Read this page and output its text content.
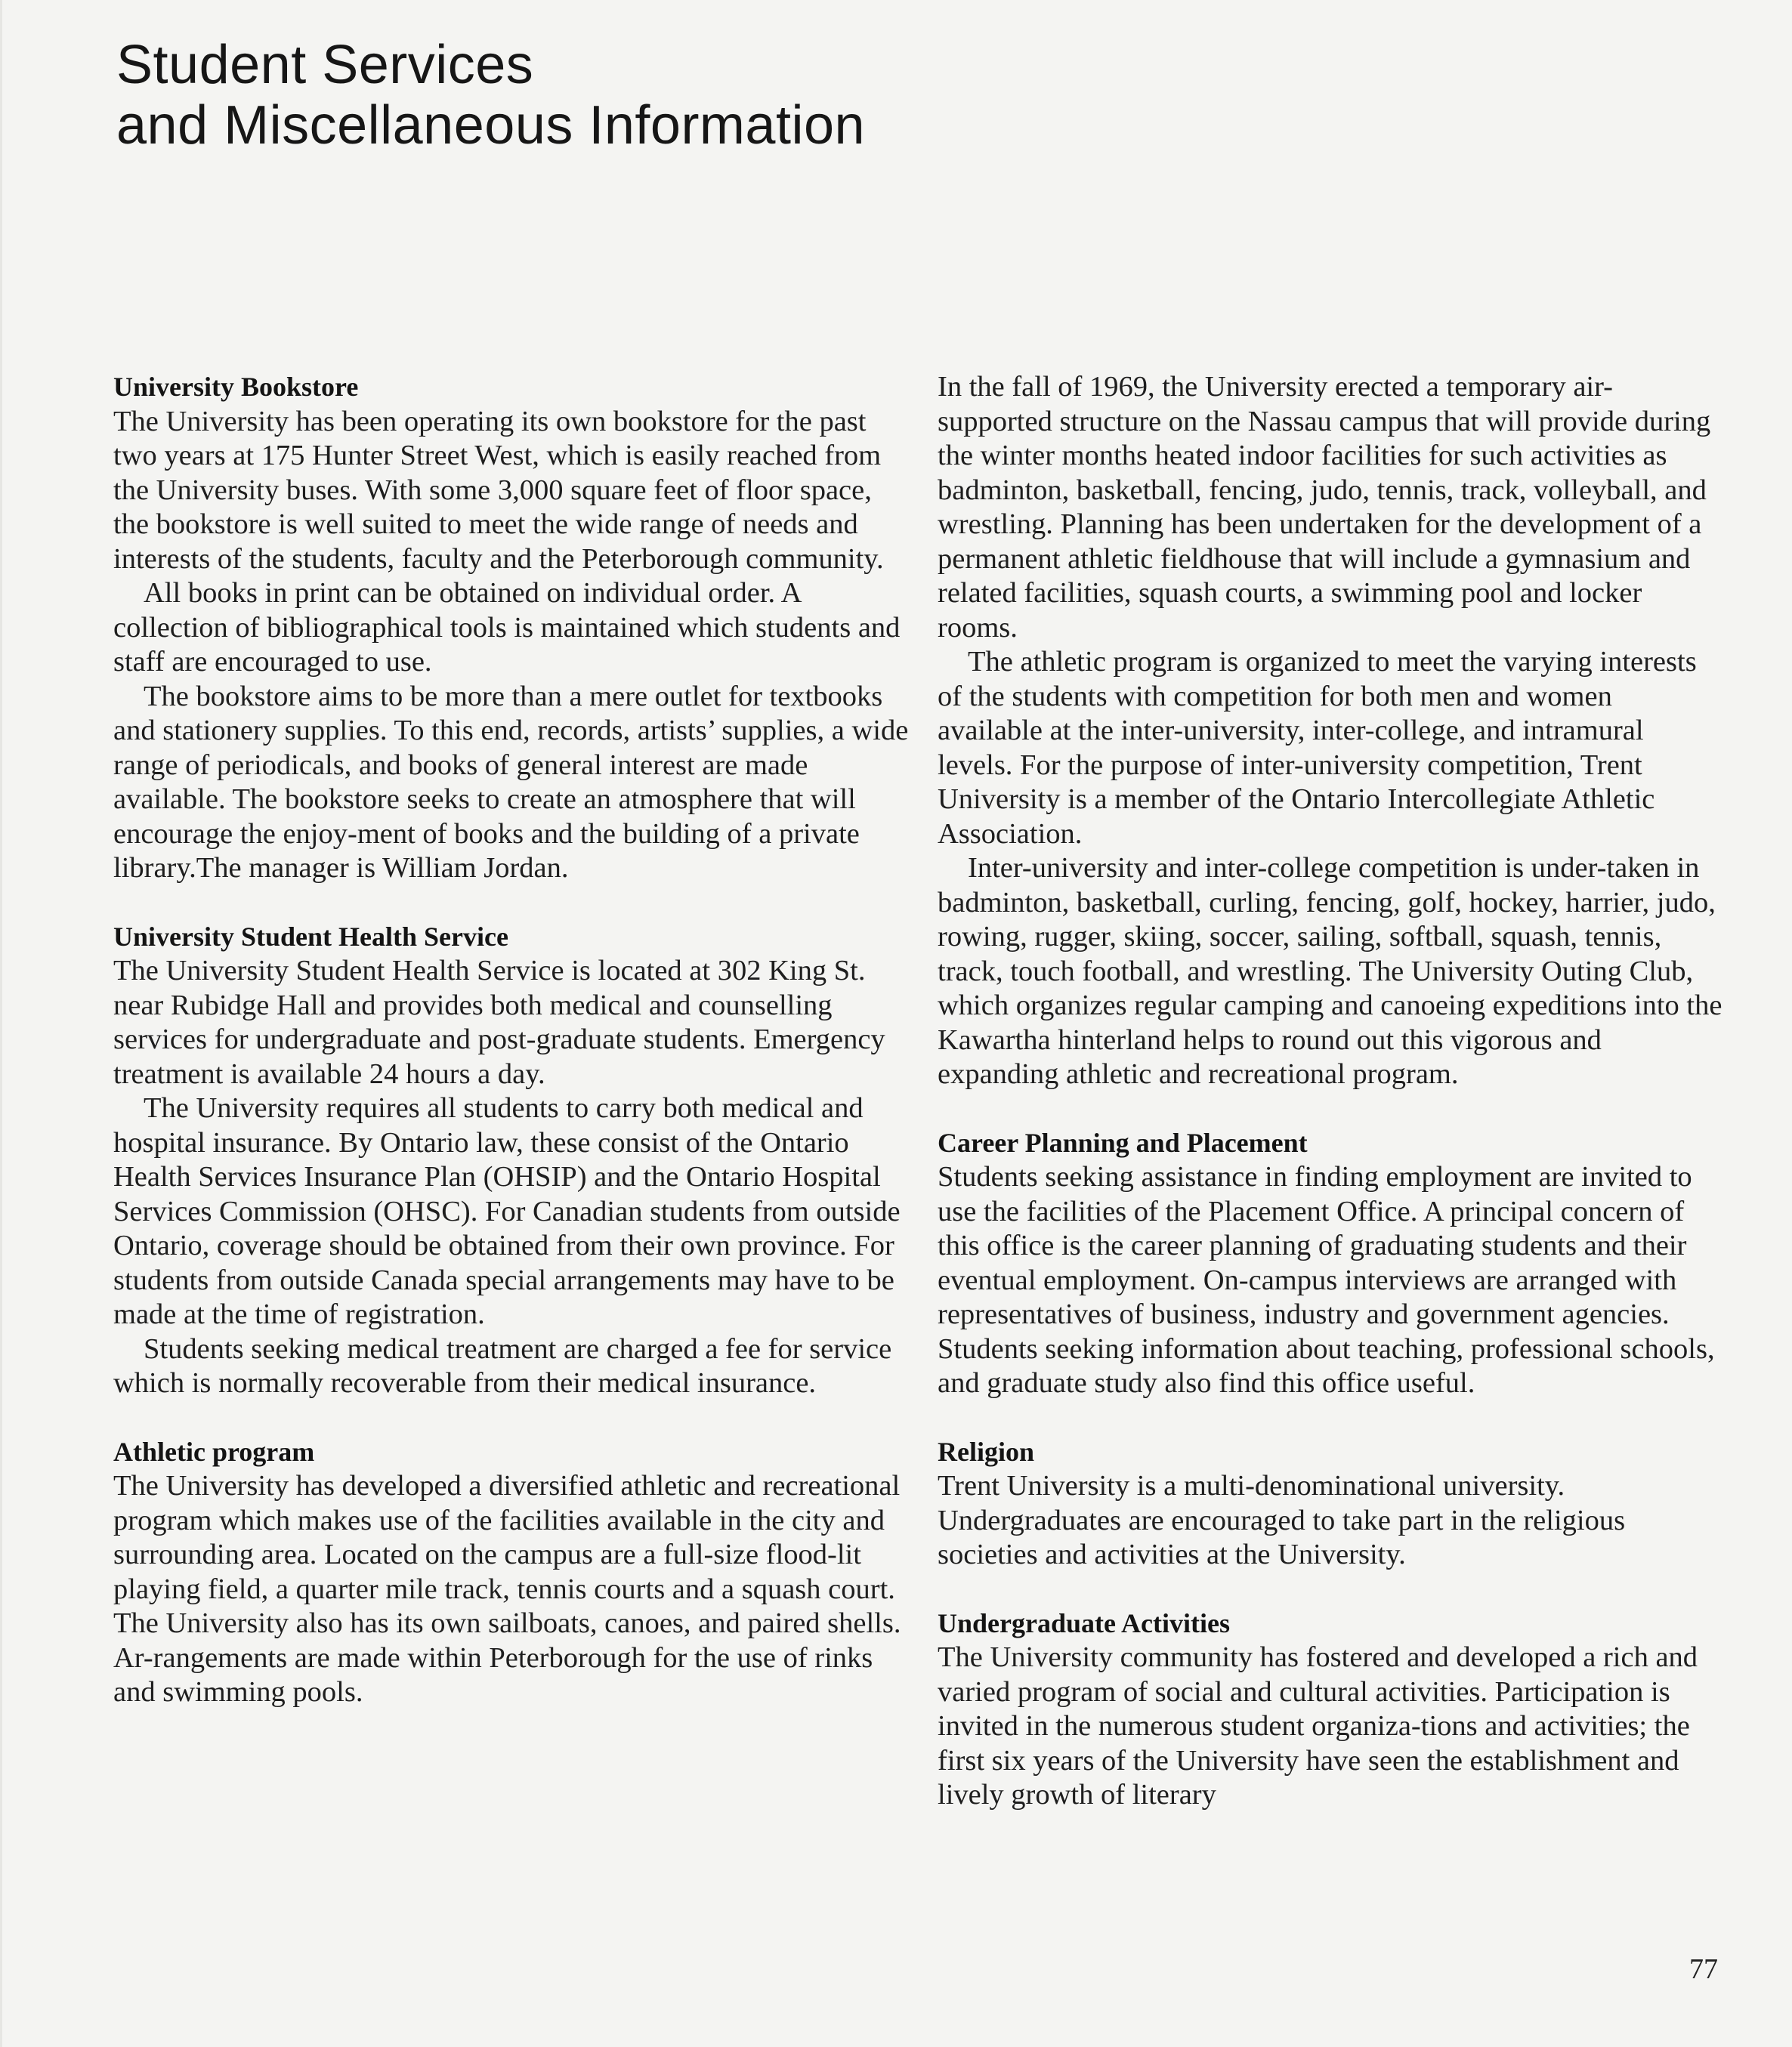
Student Services
and Miscellaneous Information

University Bookstore

The University has been operating its own bookstore for the past two years at 175 Hunter Street West, which is easily reached from the University buses. With some 3,000 square feet of floor space, the bookstore is well suited to meet the wide range of needs and interests of the students, faculty and the Peterborough community.

All books in print can be obtained on individual order. A collection of bibliographical tools is maintained which students and staff are encouraged to use.

The bookstore aims to be more than a mere outlet for textbooks and stationery supplies. To this end, records, artists’ supplies, a wide range of periodicals, and books of general interest are made available. The bookstore seeks to create an atmosphere that will encourage the enjoy-ment of books and the building of a private library.The manager is William Jordan.

University Student Health Service

The University Student Health Service is located at 302 King St. near Rubidge Hall and provides both medical and counselling services for undergraduate and post-graduate students. Emergency treatment is available 24 hours a day.

The University requires all students to carry both medical and hospital insurance. By Ontario law, these consist of the Ontario Health Services Insurance Plan (OHSIP) and the Ontario Hospital Services Commission (OHSC). For Canadian students from outside Ontario, coverage should be obtained from their own province. For students from outside Canada special arrangements may have to be made at the time of registration.

Students seeking medical treatment are charged a fee for service which is normally recoverable from their medical insurance.

Athletic program

The University has developed a diversified athletic and recreational program which makes use of the facilities available in the city and surrounding area. Located on the campus are a full-size flood-lit playing field, a quarter mile track, tennis courts and a squash court. The University also has its own sailboats, canoes, and paired shells. Ar-rangements are made within Peterborough for the use of rinks and swimming pools.

In the fall of 1969, the University erected a temporary air-supported structure on the Nassau campus that will provide during the winter months heated indoor facilities for such activities as badminton, basketball, fencing, judo, tennis, track, volleyball, and wrestling. Planning has been undertaken for the development of a permanent athletic fieldhouse that will include a gymnasium and related facilities, squash courts, a swimming pool and locker rooms.

The athletic program is organized to meet the varying interests of the students with competition for both men and women available at the inter-university, inter-college, and intramural levels. For the purpose of inter-university competition, Trent University is a member of the Ontario Intercollegiate Athletic Association.

Inter-university and inter-college competition is under-taken in badminton, basketball, curling, fencing, golf, hockey, harrier, judo, rowing, rugger, skiing, soccer, sailing, softball, squash, tennis, track, touch football, and wrestling. The University Outing Club, which organizes regular camping and canoeing expeditions into the Kawartha hinterland helps to round out this vigorous and expanding athletic and recreational program.

Career Planning and Placement

Students seeking assistance in finding employment are invited to use the facilities of the Placement Office. A principal concern of this office is the career planning of graduating students and their eventual employment. On-campus interviews are arranged with representatives of business, industry and government agencies. Students seeking information about teaching, professional schools, and graduate study also find this office useful.

Religion

Trent University is a multi-denominational university. Undergraduates are encouraged to take part in the religious societies and activities at the University.

Undergraduate Activities

The University community has fostered and developed a rich and varied program of social and cultural activities. Participation is invited in the numerous student organiza-tions and activities; the first six years of the University have seen the establishment and lively growth of literary

77
